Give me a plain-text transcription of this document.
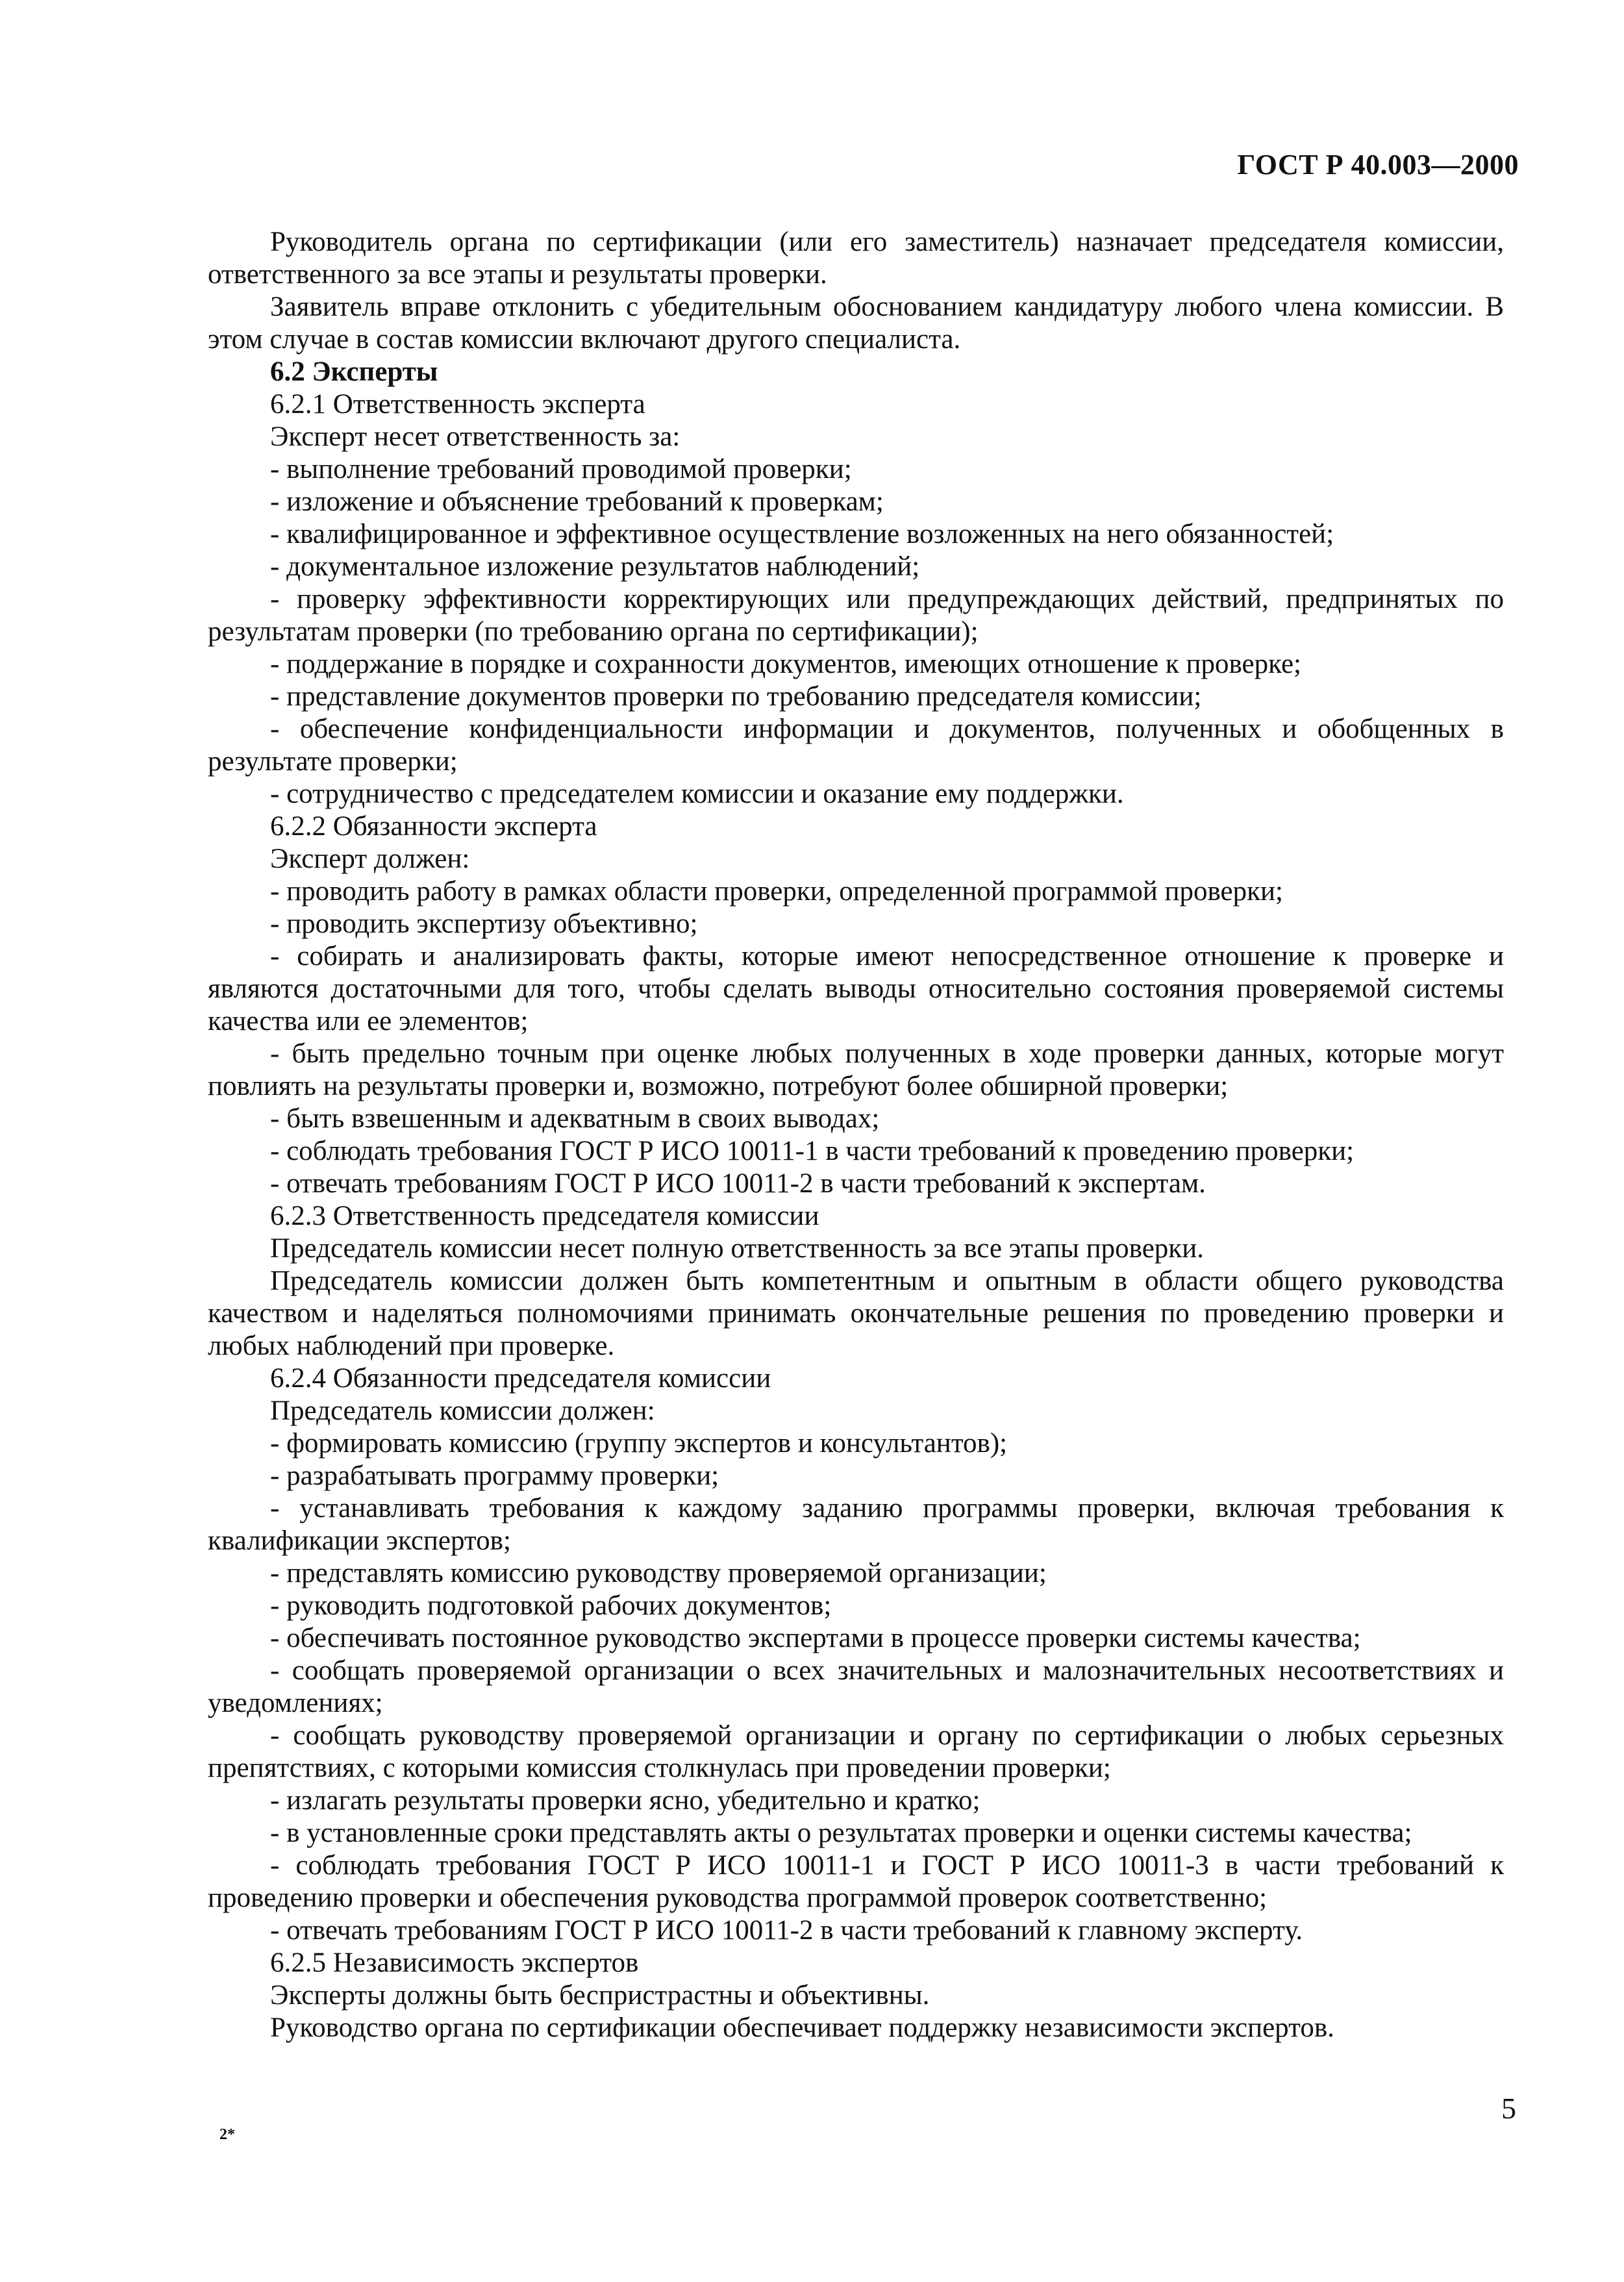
ГОСТ Р 40.003—2000

Руководитель органа по сертификации (или его заместитель) назначает председателя комиссии, ответственного за все этапы и результаты проверки.

Заявитель вправе отклонить с убедительным обоснованием кандидатуру любого члена комиссии. В этом случае в состав комиссии включают другого специалиста.

6.2 Эксперты

6.2.1 Ответственность эксперта

Эксперт несет ответственность за:

- выполнение требований проводимой проверки;

- изложение и объяснение требований к проверкам;

- квалифицированное и эффективное осуществление возложенных на него обязанностей;

- документальное изложение результатов наблюдений;

- проверку эффективности корректирующих или предупреждающих действий, предпринятых по результатам проверки (по требованию органа по сертификации);

- поддержание в порядке и сохранности документов, имеющих отношение к проверке;

- представление документов проверки по требованию председателя комиссии;

- обеспечение конфиденциальности информации и документов, полученных и обобщенных в результате проверки;

- сотрудничество с председателем комиссии и оказание ему поддержки.

6.2.2 Обязанности эксперта

Эксперт должен:

- проводить работу в рамках области проверки, определенной программой проверки;

- проводить экспертизу объективно;

- собирать и анализировать факты, которые имеют непосредственное отношение к проверке и являются достаточными для того, чтобы сделать выводы относительно состояния проверяемой системы качества или ее элементов;

- быть предельно точным при оценке любых полученных в ходе проверки данных, которые могут повлиять на результаты проверки и, возможно, потребуют более обширной проверки;

- быть взвешенным и адекватным в своих выводах;

- соблюдать требования ГОСТ Р ИСО 10011-1 в части требований к проведению проверки;

- отвечать требованиям ГОСТ Р ИСО 10011-2 в части требований к экспертам.

6.2.3 Ответственность председателя комиссии

Председатель комиссии несет полную ответственность за все этапы проверки.

Председатель комиссии должен быть компетентным и опытным в области общего руководства качеством и наделяться полномочиями принимать окончательные решения по проведению проверки и любых наблюдений при проверке.

6.2.4 Обязанности председателя комиссии

Председатель комиссии должен:

- формировать комиссию (группу экспертов и консультантов);

- разрабатывать программу проверки;

- устанавливать требования к каждому заданию программы проверки, включая требования к квалификации экспертов;

- представлять комиссию руководству проверяемой организации;

- руководить подготовкой рабочих документов;

- обеспечивать постоянное руководство экспертами в процессе проверки системы качества;

- сообщать проверяемой организации о всех значительных и малозначительных несоответствиях и уведомлениях;

- сообщать руководству проверяемой организации и органу по сертификации о любых серьезных препятствиях, с которыми комиссия столкнулась при проведении проверки;

- излагать результаты проверки ясно, убедительно и кратко;

- в установленные сроки представлять акты о результатах проверки и оценки системы качества;

- соблюдать требования ГОСТ Р ИСО 10011-1 и ГОСТ Р ИСО 10011-3 в части требований к проведению проверки и обеспечения руководства программой проверок соответственно;

- отвечать требованиям ГОСТ Р ИСО 10011-2 в части требований к главному эксперту.

6.2.5 Независимость экспертов

Эксперты должны быть беспристрастны и объективны.

Руководство органа по сертификации обеспечивает поддержку независимости экспертов.

5
2*
